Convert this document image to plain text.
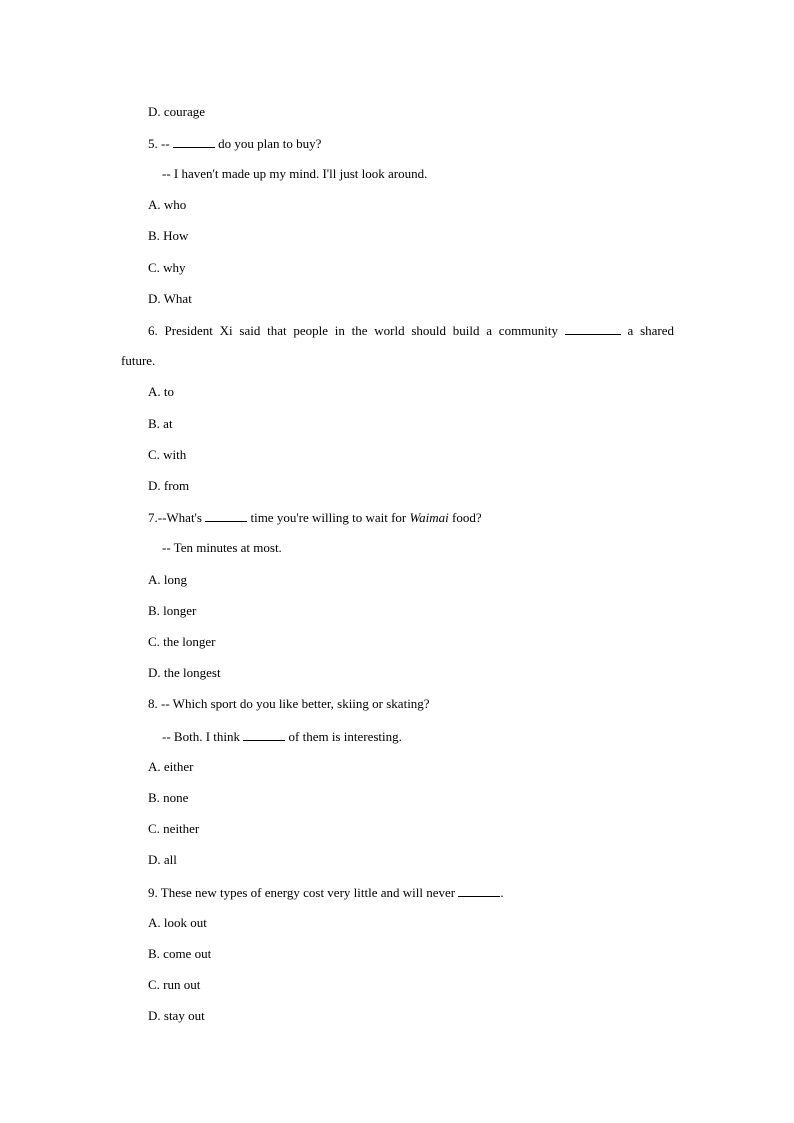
D. courage
5. --	do you plan to buy?
-- I haven't made up my mind. I'll just look around.
A. who
B. How
C. why
D. What
6. President Xi said that people in the world should build a community	a shared
future.
A. to
B. at
C. with
D. from
7.--What's	time you're willing to wait for Waimai food?
-- Ten minutes at most.
A. long
B. longer
C. the longer
D. the longest
8. -- Which sport do you like better, skiing or skating?
-- Both. I think	of them is interesting.
A. either
B. none
C. neither
D. all
9. These new types of energy cost very little and will never	.
A. look out
B. come out
C. run out
D. stay out
